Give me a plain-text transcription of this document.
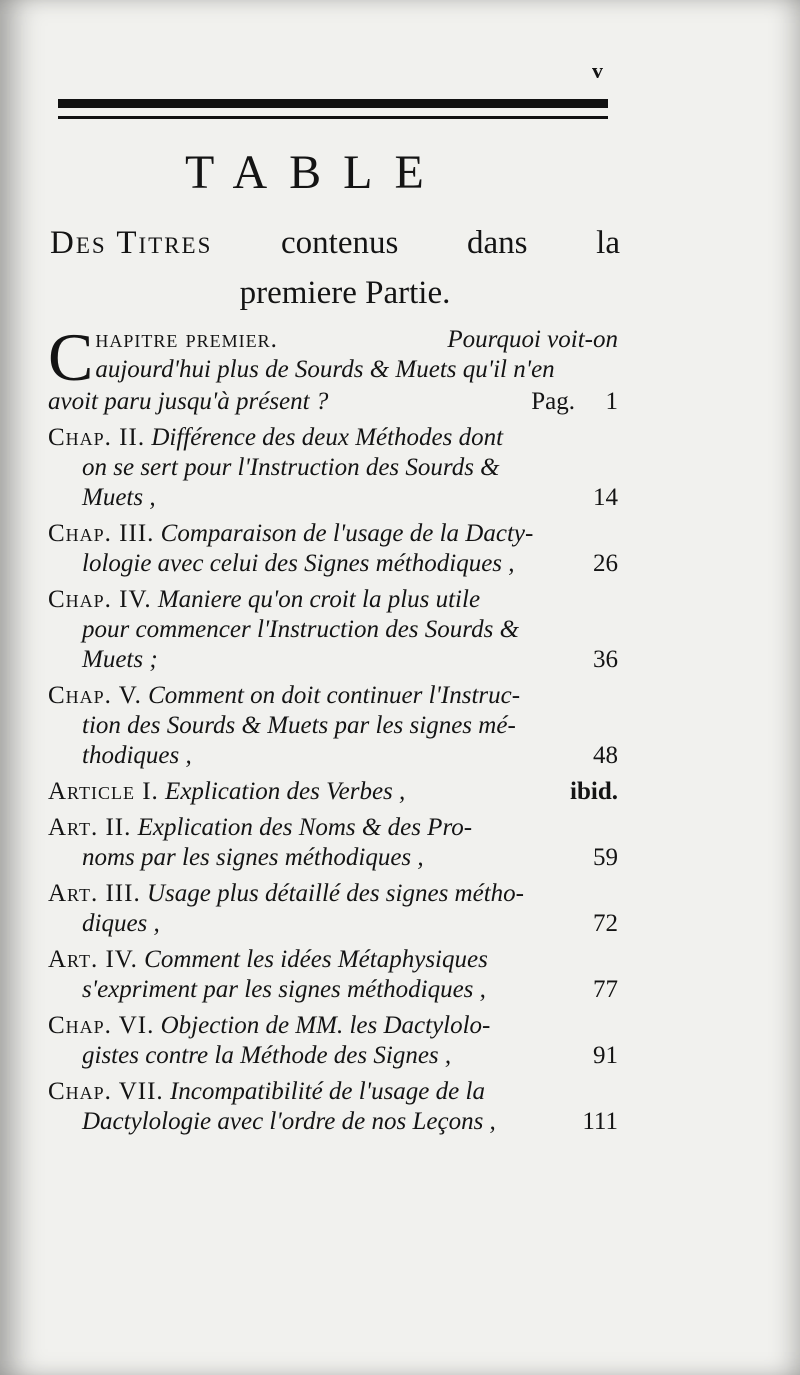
v
TABLE
Des Titres contenus dans la
premiere Partie.
C hapitre premier.	Pourquoi voit-on
aujourd'hui plus de Sourds & Muets qu'il n'en
avoit paru jusqu'à présent ?	Pag. 1
Chap. II. Différence des deux Méthodes dont
on se sert pour l'Instruction des Sourds &
Muets ,	14
Chap. III. Comparaison de l'usage de la Dacty-
lologie avec celui des Signes méthodiques ,	26
Chap. IV. Maniere qu'on croit la plus utile
pour commencer l'Instruction des Sourds &
Muets ;	36
Chap. V. Comment on doit continuer l'Instruc-
tion des Sourds & Muets par les signes mé-
thodiques ,	48
Article I. Explication des Verbes ,	ibid.
Art. II. Explication des Noms & des Pro-
noms par les signes méthodiques ,	59
Art. III. Usage plus détaillé des signes métho-
diques ,	72
Art. IV. Comment les idées Métaphysiques
s'expriment par les signes méthodiques ,	77
Chap. VI. Objection de MM. les Dactylolo-
gistes contre la Méthode des Signes ,	91
Chap. VII. Incompatibilité de l'usage de la
Dactylologie avec l'ordre de nos Leçons ,	111
